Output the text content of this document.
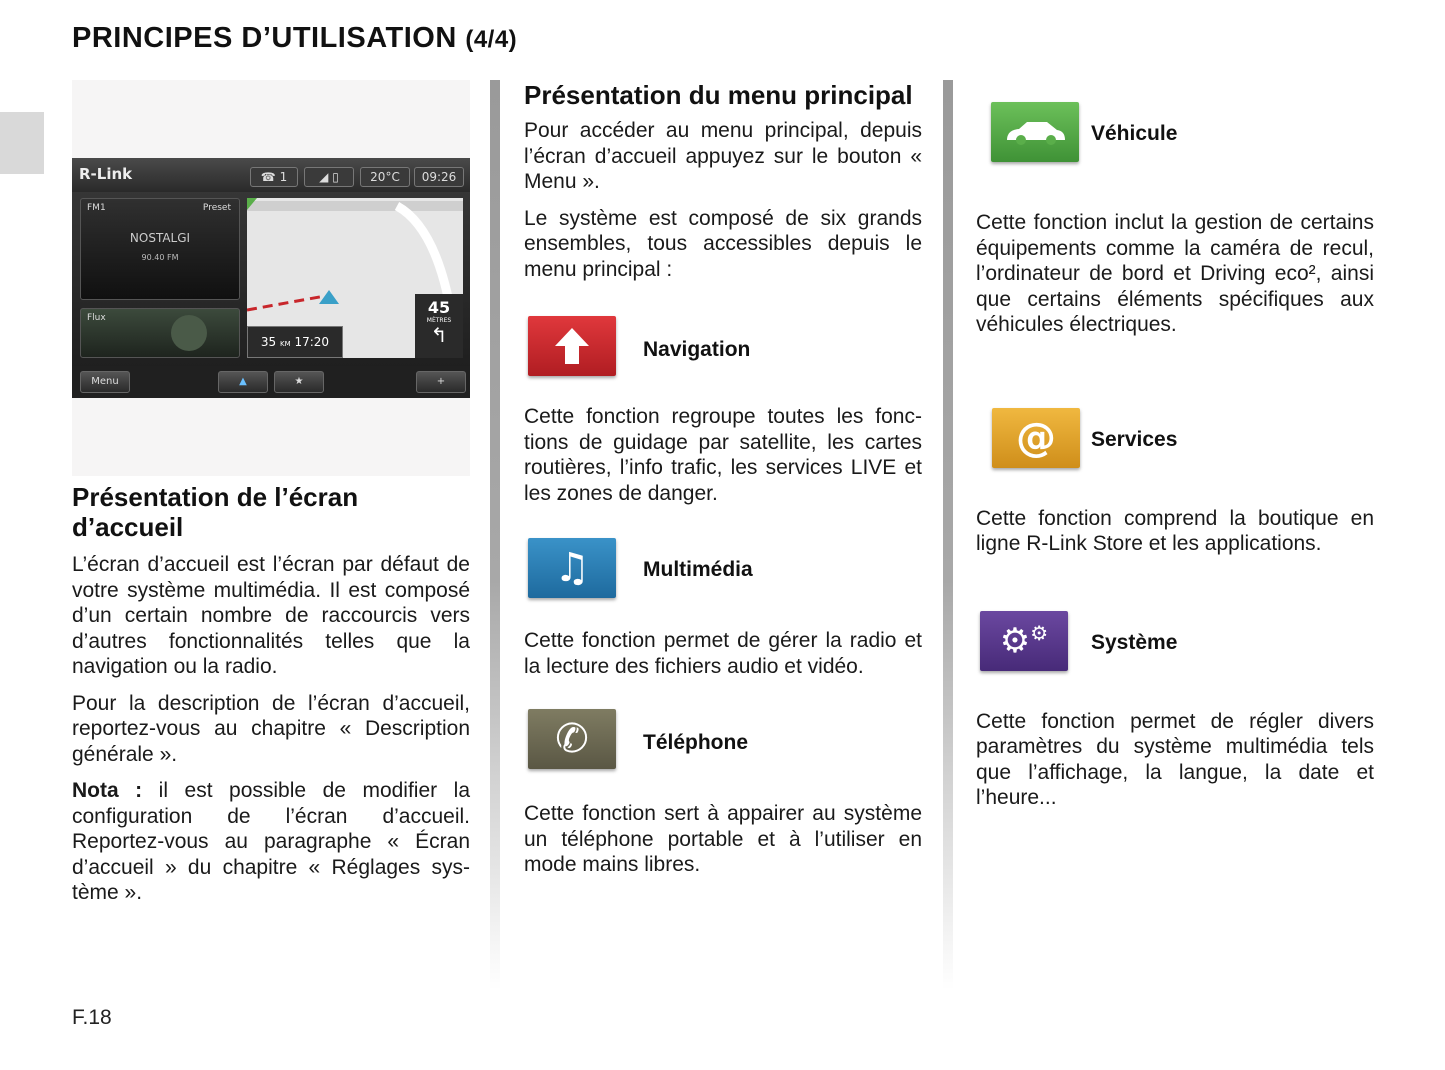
PRINCIPES D’UTILISATION (4/4)
R-Link	☎ 1	◢ ▯	20°C	09:26
FM1	Preset
NOSTALGI
90.40 FM
Flux
45
MÈTRES
↰
35 KM 17:20
Menu	▲	★	+
Présentation de l’écran d’accueil

L’écran d’accueil est l’écran par défaut de votre système multimédia. Il est composé d’un certain nombre de raccourcis vers d’autres fonctionnalités telles que la navigation ou la radio.

Pour la description de l’écran d’accueil, reportez-vous au chapitre « Description générale ».

Nota : il est possible de modifier la configuration de l’écran d’accueil. Reportez-vous au paragraphe « Écran d’accueil » du chapitre « Réglages système ».

Présentation du menu principal

Pour accéder au menu principal, depuis l’écran d’accueil appuyez sur le bouton « Menu ».

Le système est composé de six grands ensembles, tous accessibles depuis le menu principal :

Navigation

Cette fonction regroupe toutes les fonctions de guidage par satellite, les cartes routières, l’info trafic, les services LIVE et les zones de danger.

♫	Multimédia

Cette fonction permet de gérer la radio et la lecture des fichiers audio et vidéo.

✆	Téléphone

Cette fonction sert à appairer au système un téléphone portable et à l’utiliser en mode mains libres.

Véhicule

Cette fonction inclut la gestion de certains équipements comme la caméra de recul, l’ordinateur de bord et Driving eco², ainsi que certains éléments spécifiques aux véhicules électriques.

@ Services

Cette fonction comprend la boutique en ligne R-Link Store et les applications.

⚙⚙ Système

Cette fonction permet de régler divers paramètres du système multimédia tels que l’affichage, la langue, la date et l’heure...

F.18
